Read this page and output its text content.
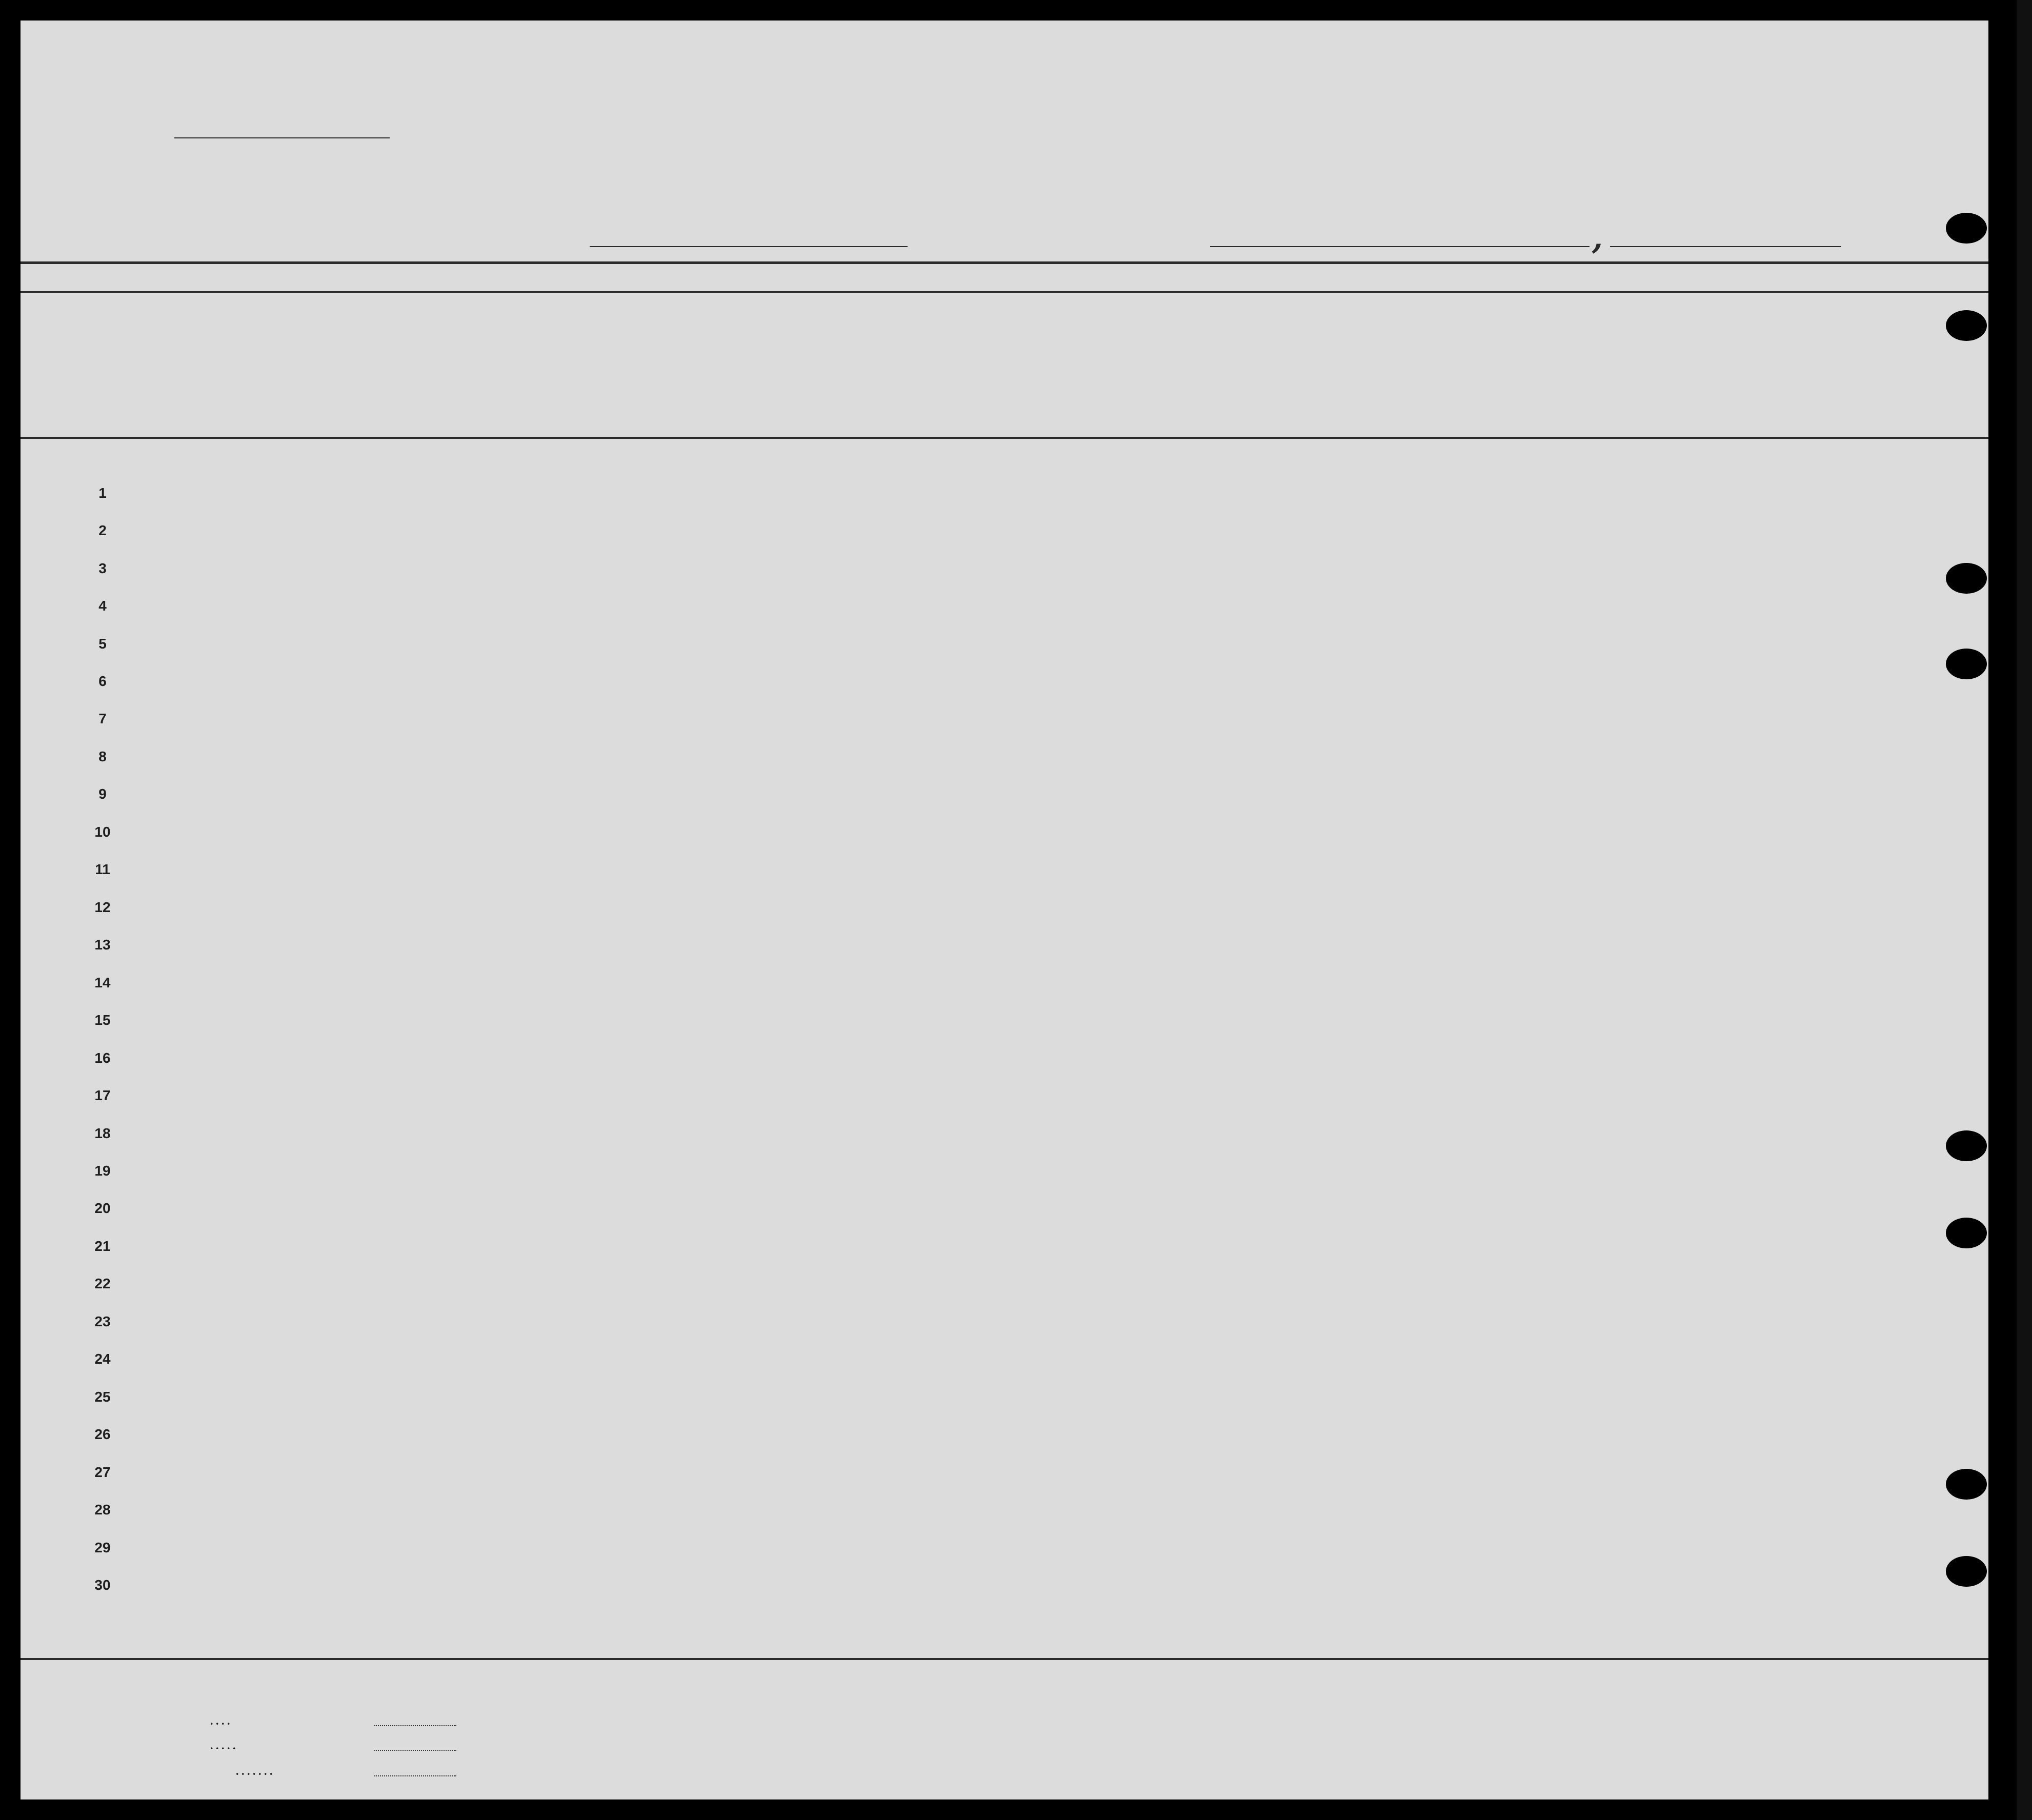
,
1
2
3
4
5
6
7
8
9
10
11
12
13
14
15
16
17
18
19
20
21
22
23
24
25
26
27
28
29
30
. . . .
. . . . .
. . . . . . .
